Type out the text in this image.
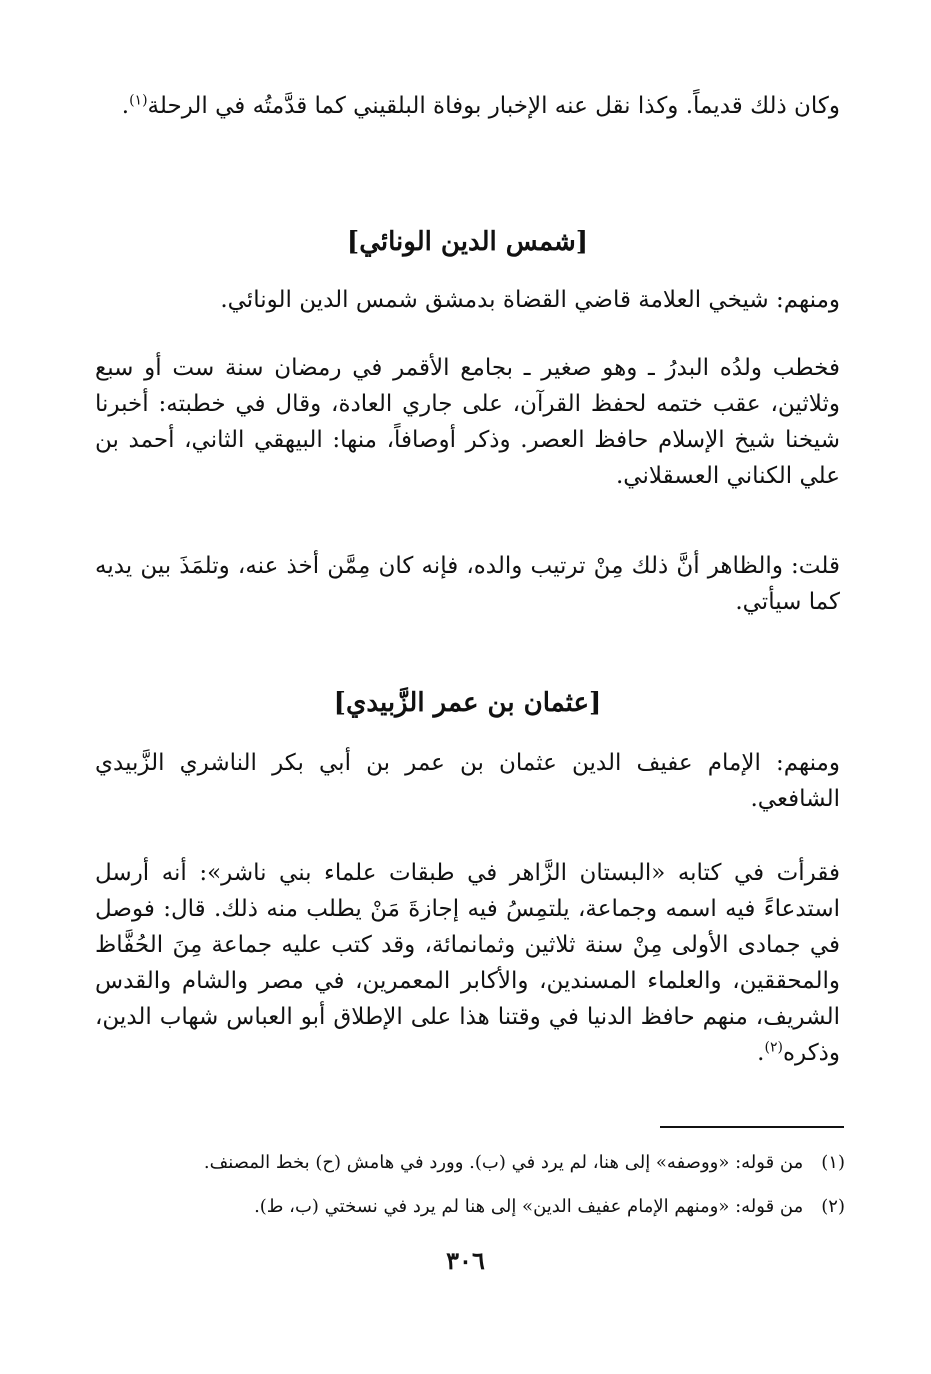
وكان ذلك قديماً. وكذا نقل عنه الإخبار بوفاة البلقيني كما قدَّمتُه في الرحلة$^{(١)}$.

[شمس الدين الونائي]

ومنهم: شيخي العلامة قاضي القضاة بدمشق شمس الدين الونائي.

فخطب ولدُه البدرُ ـ وهو صغير ـ بجامع الأقمر في رمضان سنة ست أو سبع وثلاثين، عقب ختمه لحفظ القرآن، على جاري العادة، وقال في خطبته: أخبرنا شيخنا شيخ الإسلام حافظ العصر. وذكر أوصافاً، منها: البيهقي الثاني، أحمد بن علي الكناني العسقلاني.

قلت: والظاهر أنَّ ذلك مِنْ ترتيب والده، فإنه كان مِمَّن أخذ عنه، وتلمَذَ بين يديه كما سيأتي.

[عثمان بن عمر الزَّبيدي]

ومنهم: الإمام عفيف الدين عثمان بن عمر بن أبي بكر الناشري الزَّبيدي الشافعي.

فقرأت في كتابه «البستان الزَّاهر في طبقات علماء بني ناشر»: أنه أرسل استدعاءً فيه اسمه وجماعة، يلتمِسُ فيه إجازةَ مَنْ يطلب منه ذلك. قال: فوصل في جمادى الأولى مِنْ سنة ثلاثين وثمانمائة، وقد كتب عليه جماعة مِنَ الحُفَّاظ والمحققين، والعلماء المسندين، والأكابر المعمرين، في مصر والشام والقدس الشريف، منهم حافظ الدنيا في وقتنا هذا على الإطلاق أبو العباس شهاب الدين، وذكره$^{(٢)}$.

(١)من قوله: «ووصفه» إلى هنا، لم يرد في (ب). وورد في هامش (ح) بخط المصنف.
(٢)من قوله: «ومنهم الإمام عفيف الدين» إلى هنا لم يرد في نسختي (ب، ط).
٣٠٦
